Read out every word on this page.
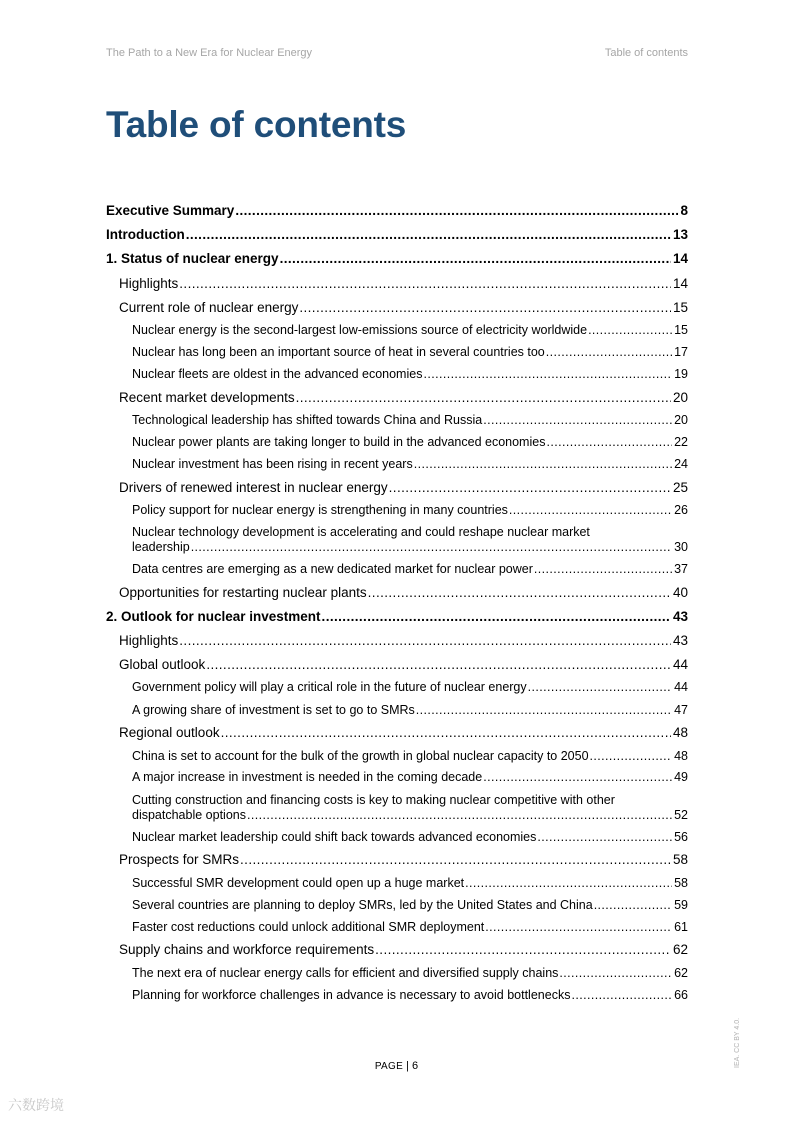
The Path to a New Era for Nuclear Energy	Table of contents
Table of contents
Executive Summary .....	8
Introduction .....	13
1. Status of nuclear energy .....	14
Highlights .....	14
Current role of nuclear energy .....	15
Nuclear energy is the second-largest low-emissions source of electricity worldwide .....	15
Nuclear has long been an important source of heat in several countries too .....	17
Nuclear fleets are oldest in the advanced economies .....	19
Recent market developments .....	20
Technological leadership has shifted towards China and Russia .....	20
Nuclear power plants are taking longer to build in the advanced economies .....	22
Nuclear investment has been rising in recent years .....	24
Drivers of renewed interest in nuclear energy .....	25
Policy support for nuclear energy is strengthening in many countries .....	26
Nuclear technology development is accelerating and could reshape nuclear market
leadership .....	30
Data centres are emerging as a new dedicated market for nuclear power .....	37
Opportunities for restarting nuclear plants .....	40
2. Outlook for nuclear investment .....	43
Highlights .....	43
Global outlook .....	44
Government policy will play a critical role in the future of nuclear energy .....	44
A growing share of investment is set to go to SMRs .....	47
Regional outlook .....	48
China is set to account for the bulk of the growth in global nuclear capacity to 2050 .....	48
A major increase in investment is needed in the coming decade .....	49
Cutting construction and financing costs is key to making nuclear competitive with other
dispatchable options .....	52
Nuclear market leadership could shift back towards advanced economies .....	56
Prospects for SMRs .....	58
Successful SMR development could open up a huge market .....	58
Several countries are planning to deploy SMRs, led by the United States and China .....	59
Faster cost reductions could unlock additional SMR deployment .....	61
Supply chains and workforce requirements .....	62
The next era of nuclear energy calls for efficient and diversified supply chains .....	62
Planning for workforce challenges in advance is necessary to avoid bottlenecks .....	66
PAGE | 6	IEA. CC BY 4.0.
六数跨境
